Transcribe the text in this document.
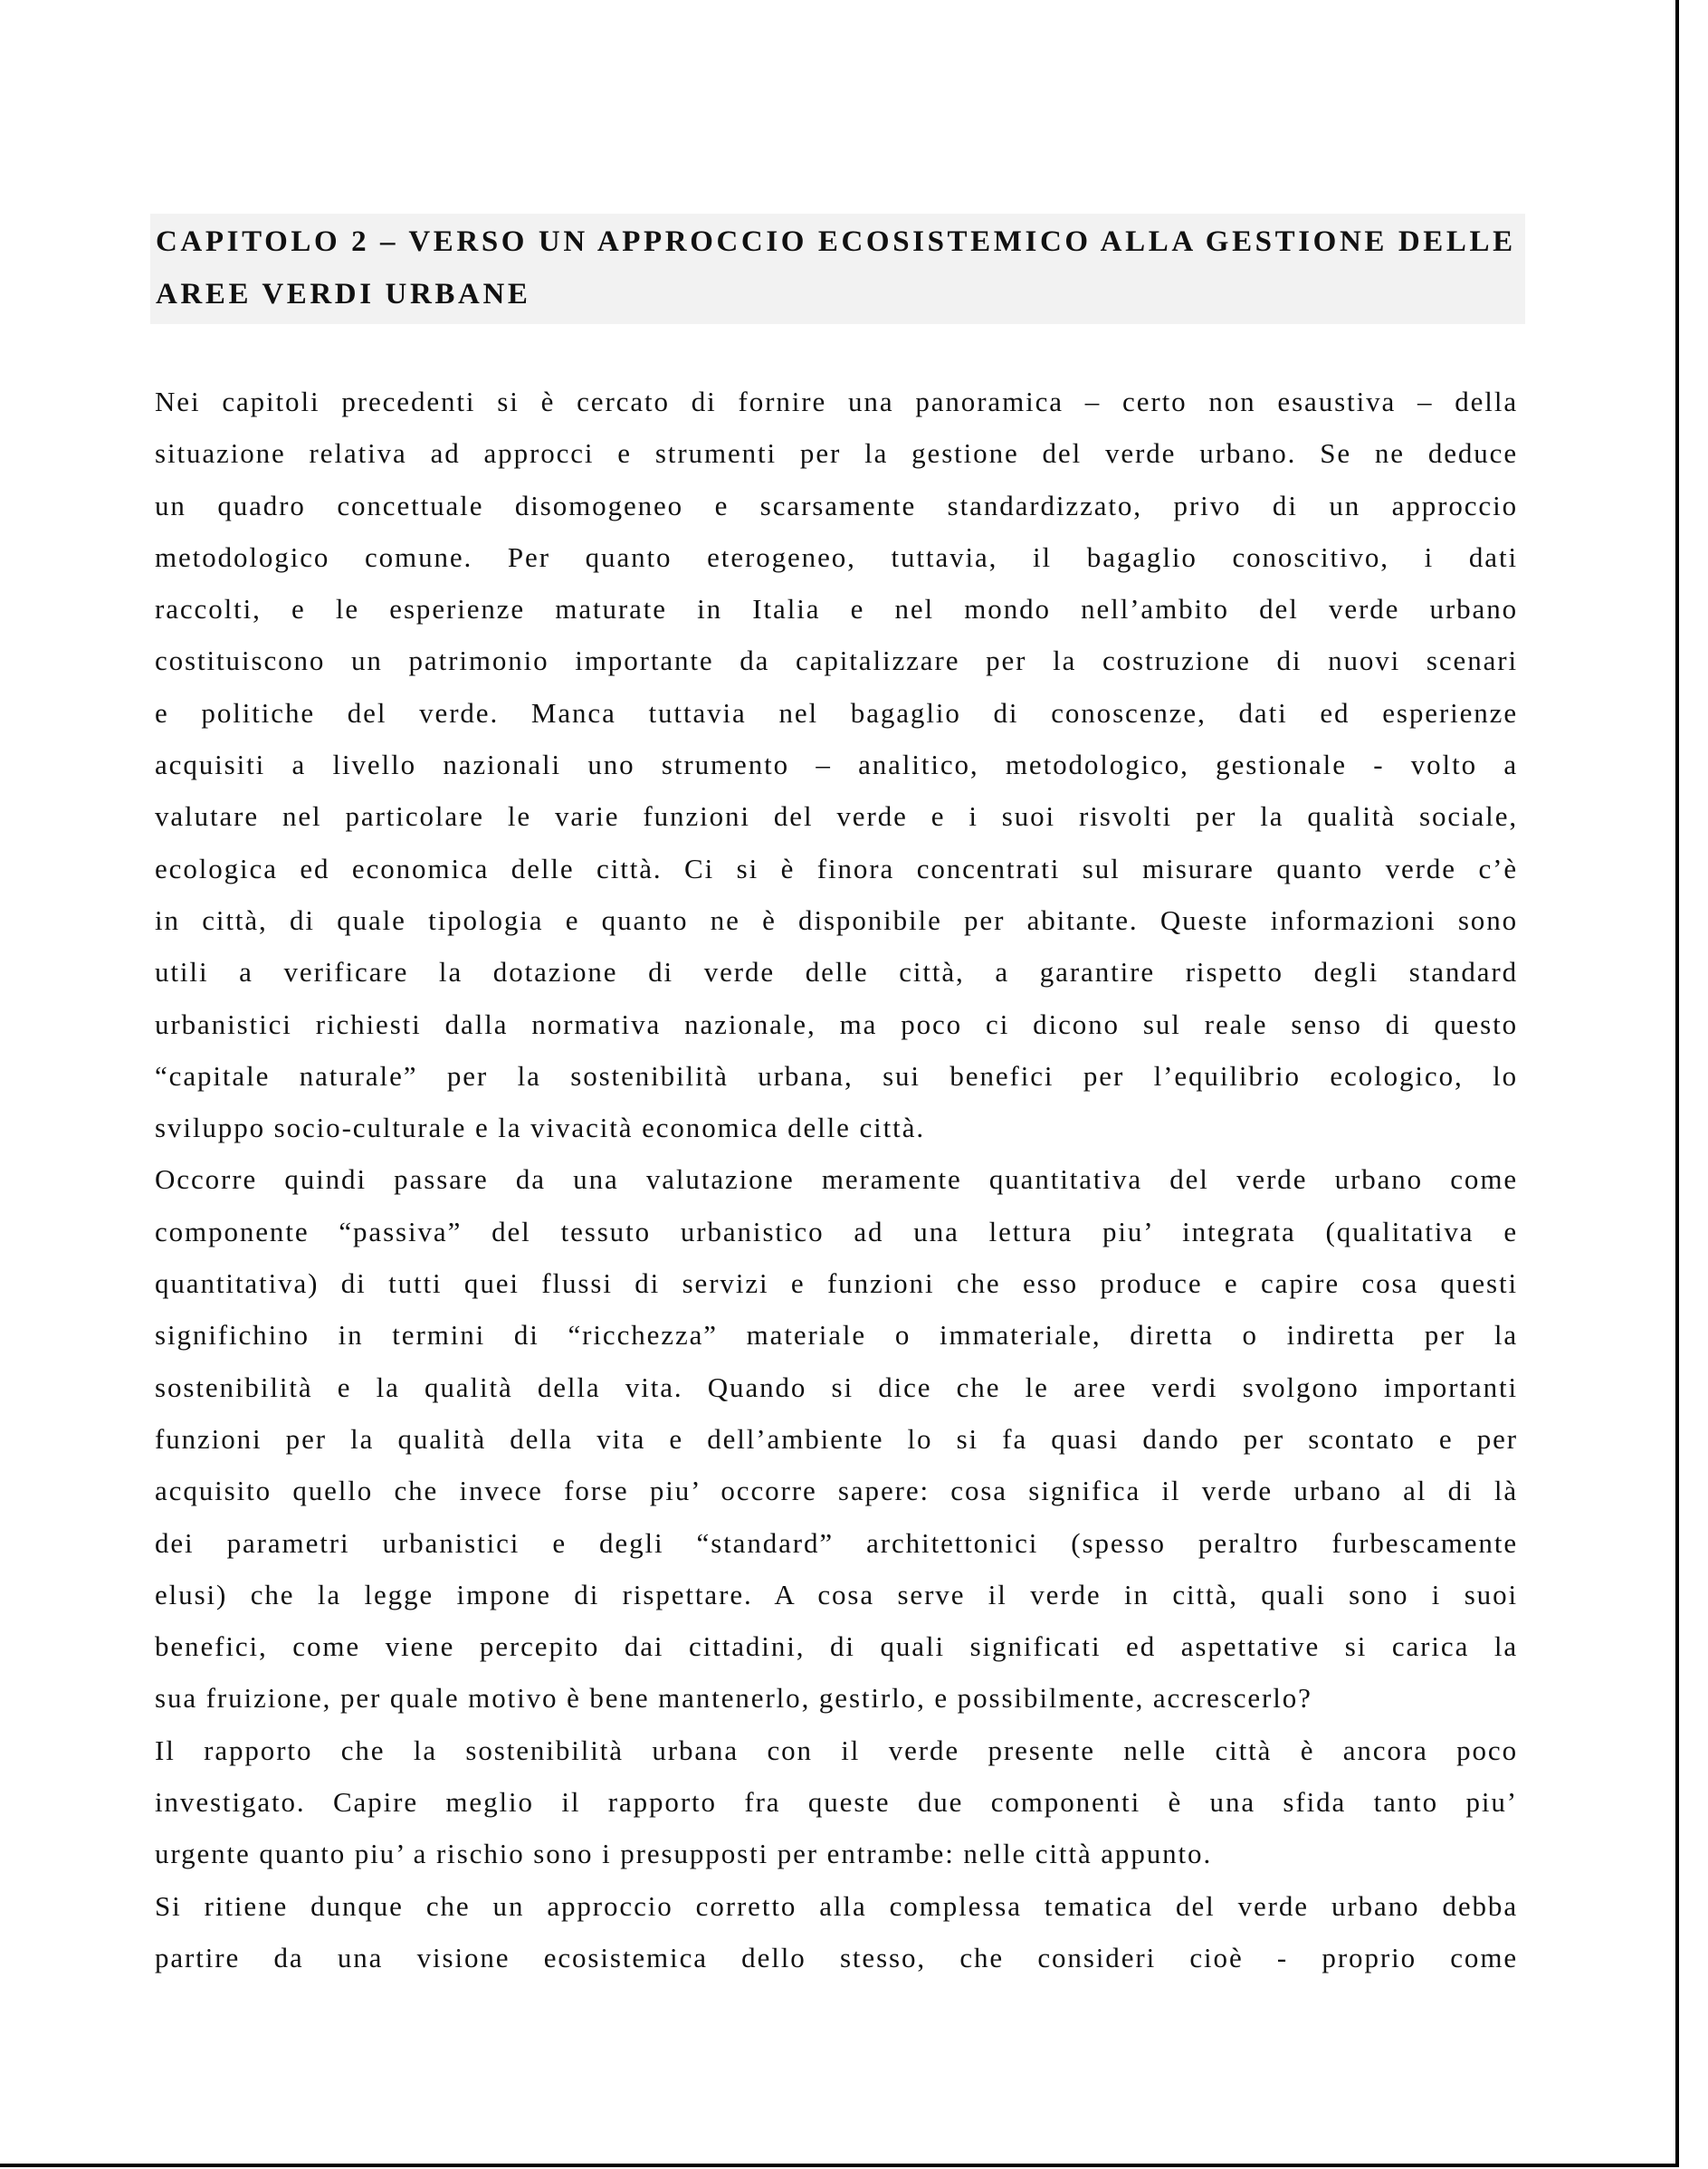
CAPITOLO 2 – VERSO UN APPROCCIO ECOSISTEMICO ALLA GESTIONE DELLE

AREE VERDI URBANE

Nei capitoli precedenti si è cercato di fornire una panoramica – certo non esaustiva – della
situazione relativa ad approcci e strumenti per la gestione del verde urbano. Se ne deduce
un quadro concettuale disomogeneo e scarsamente standardizzato, privo di un approccio
metodologico comune. Per quanto eterogeneo, tuttavia, il bagaglio conoscitivo, i dati
raccolti, e le esperienze maturate in Italia e nel mondo nell’ambito del verde urbano
costituiscono un patrimonio importante da capitalizzare per la costruzione di nuovi scenari
e politiche del verde. Manca tuttavia nel bagaglio di conoscenze, dati ed esperienze
acquisiti a livello nazionali uno strumento – analitico, metodologico, gestionale - volto a
valutare nel particolare le varie funzioni del verde e i suoi risvolti per la qualità sociale,
ecologica ed economica delle città. Ci si è finora concentrati sul misurare quanto verde c’è
in città, di quale tipologia e quanto ne è disponibile per abitante. Queste informazioni sono
utili a verificare la dotazione di verde delle città, a garantire rispetto degli standard
urbanistici richiesti dalla normativa nazionale, ma poco ci dicono sul reale senso di questo
“capitale naturale” per la sostenibilità urbana, sui benefici per l’equilibrio ecologico, lo
sviluppo socio-culturale e la vivacità economica delle città.
Occorre quindi passare da una valutazione meramente quantitativa del verde urbano come
componente “passiva” del tessuto urbanistico ad una lettura piu’ integrata (qualitativa e
quantitativa) di tutti quei flussi di servizi e funzioni che esso produce e capire cosa questi
significhino in termini di “ricchezza” materiale o immateriale, diretta o indiretta per la
sostenibilità e la qualità della vita. Quando si dice che le aree verdi svolgono importanti
funzioni per la qualità della vita e dell’ambiente lo si fa quasi dando per scontato e per
acquisito quello che invece forse piu’ occorre sapere: cosa significa il verde urbano al di là
dei parametri urbanistici e degli “standard” architettonici (spesso peraltro furbescamente
elusi) che la legge impone di rispettare. A cosa serve il verde in città, quali sono i suoi
benefici, come viene percepito dai cittadini, di quali significati ed aspettative si carica la
sua fruizione, per quale motivo è bene mantenerlo, gestirlo, e possibilmente, accrescerlo?
Il rapporto che la sostenibilità urbana con il verde presente nelle città è ancora poco
investigato. Capire meglio il rapporto fra queste due componenti è una sfida tanto piu’
urgente quanto piu’ a rischio sono i presupposti per entrambe: nelle città appunto.
Si ritiene dunque che un approccio corretto alla complessa tematica del verde urbano debba
partire da una visione ecosistemica dello stesso, che consideri cioè - proprio come
